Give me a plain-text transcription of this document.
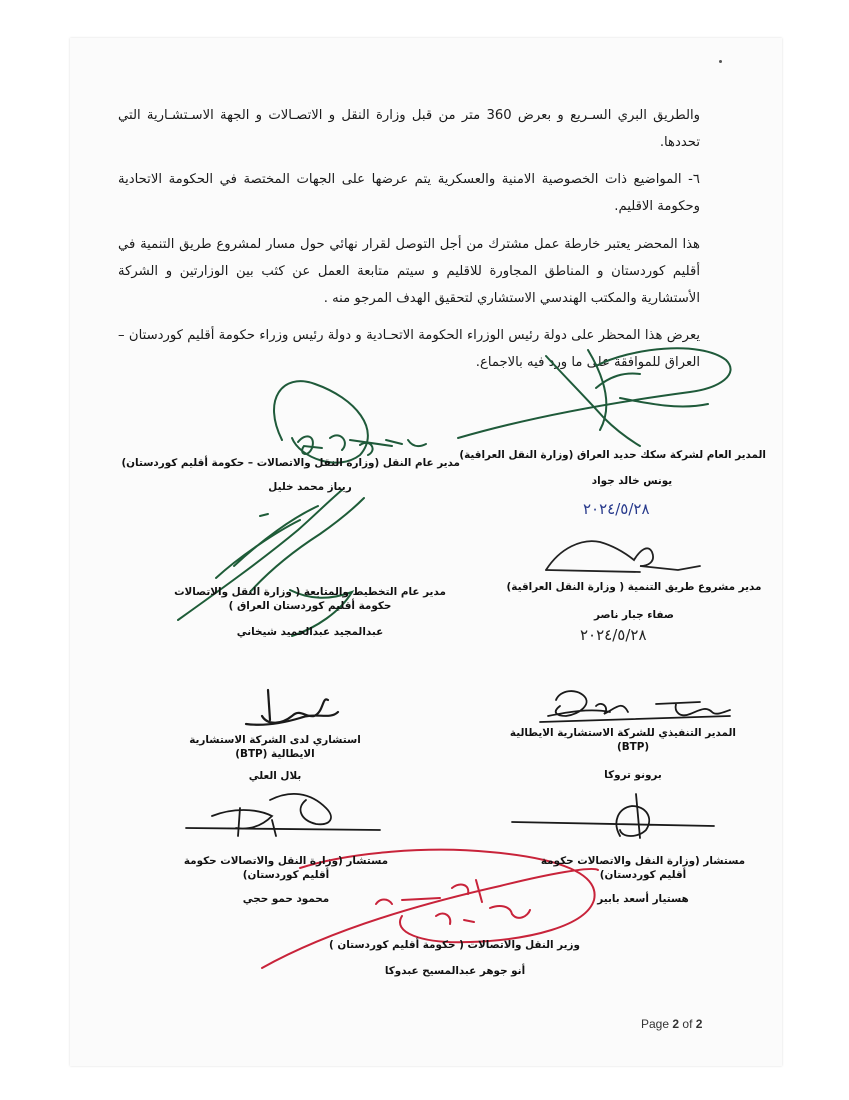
والطريق البري السـريع و بعرض 360 متر من قبل وزارة النقل و الاتصـالات و الجهة الاسـتشـارية التي تحددها.
٦- المواضيع ذات الخصوصية الامنية والعسكرية يتم عرضها على الجهات المختصة في الحكومة الاتحادية وحكومة الاقليم.
هذا المحضر يعتبر خارطة عمل مشترك من أجل التوصل لقرار نهائي حول مسار لمشروع طريق التنمية في أقليم كوردستان و المناطق المجاورة للاقليم و سيتم متابعة العمل عن كثب بين الوزارتين و الشركة الأستشارية والمكتب الهندسي الاستشاري لتحقيق الهدف المرجو منه .
يعرض هذا المحظر على دولة رئيس الوزراء الحكومة الاتحـادية و دولة رئيس وزراء حكومة أقليم كوردستان – العراق للموافقة على ما ورد فيه بالاجماع.
٢٠٢٤/٥/٢٨
٢٠٢٤/٥/٢٨
مدير عام النقل (وزارة النقل والاتصالات – حكومة أقليم كوردستان)
ريباز محمد خليل
المدير العام لشركة سكك حديد العراق (وزارة النقل العراقية)
يونس خالد جواد
مدير عام التخطيط والمتابعة ( وزارة النقل والاتصالات
حكومة أقليم كوردستان العراق )
عبدالمجيد عبدالحميد شيخاني
مدير مشروع طريق التنمية ( وزارة النقل العراقية)
صفاء جبار ناصر
استشاري لدى الشركة الاستشارية
الايطالية (BTP)
بلال العلي
المدير التنفيذي للشركة الاستشارية الايطالية
(BTP)
برونو تروكا
مستشار (وزارة النقل والاتصالات حكومة
أقليم كوردستان)
محمود حمو حجي
مستشار (وزارة النقل والاتصالات حكومة
أقليم كوردستان)
هستيار أسعد بابير
وزير النقل والاتصالات ( حكومة أقليم كوردستان )
أنو جوهر عبدالمسيح عبدوكا
Page 2 of 2
